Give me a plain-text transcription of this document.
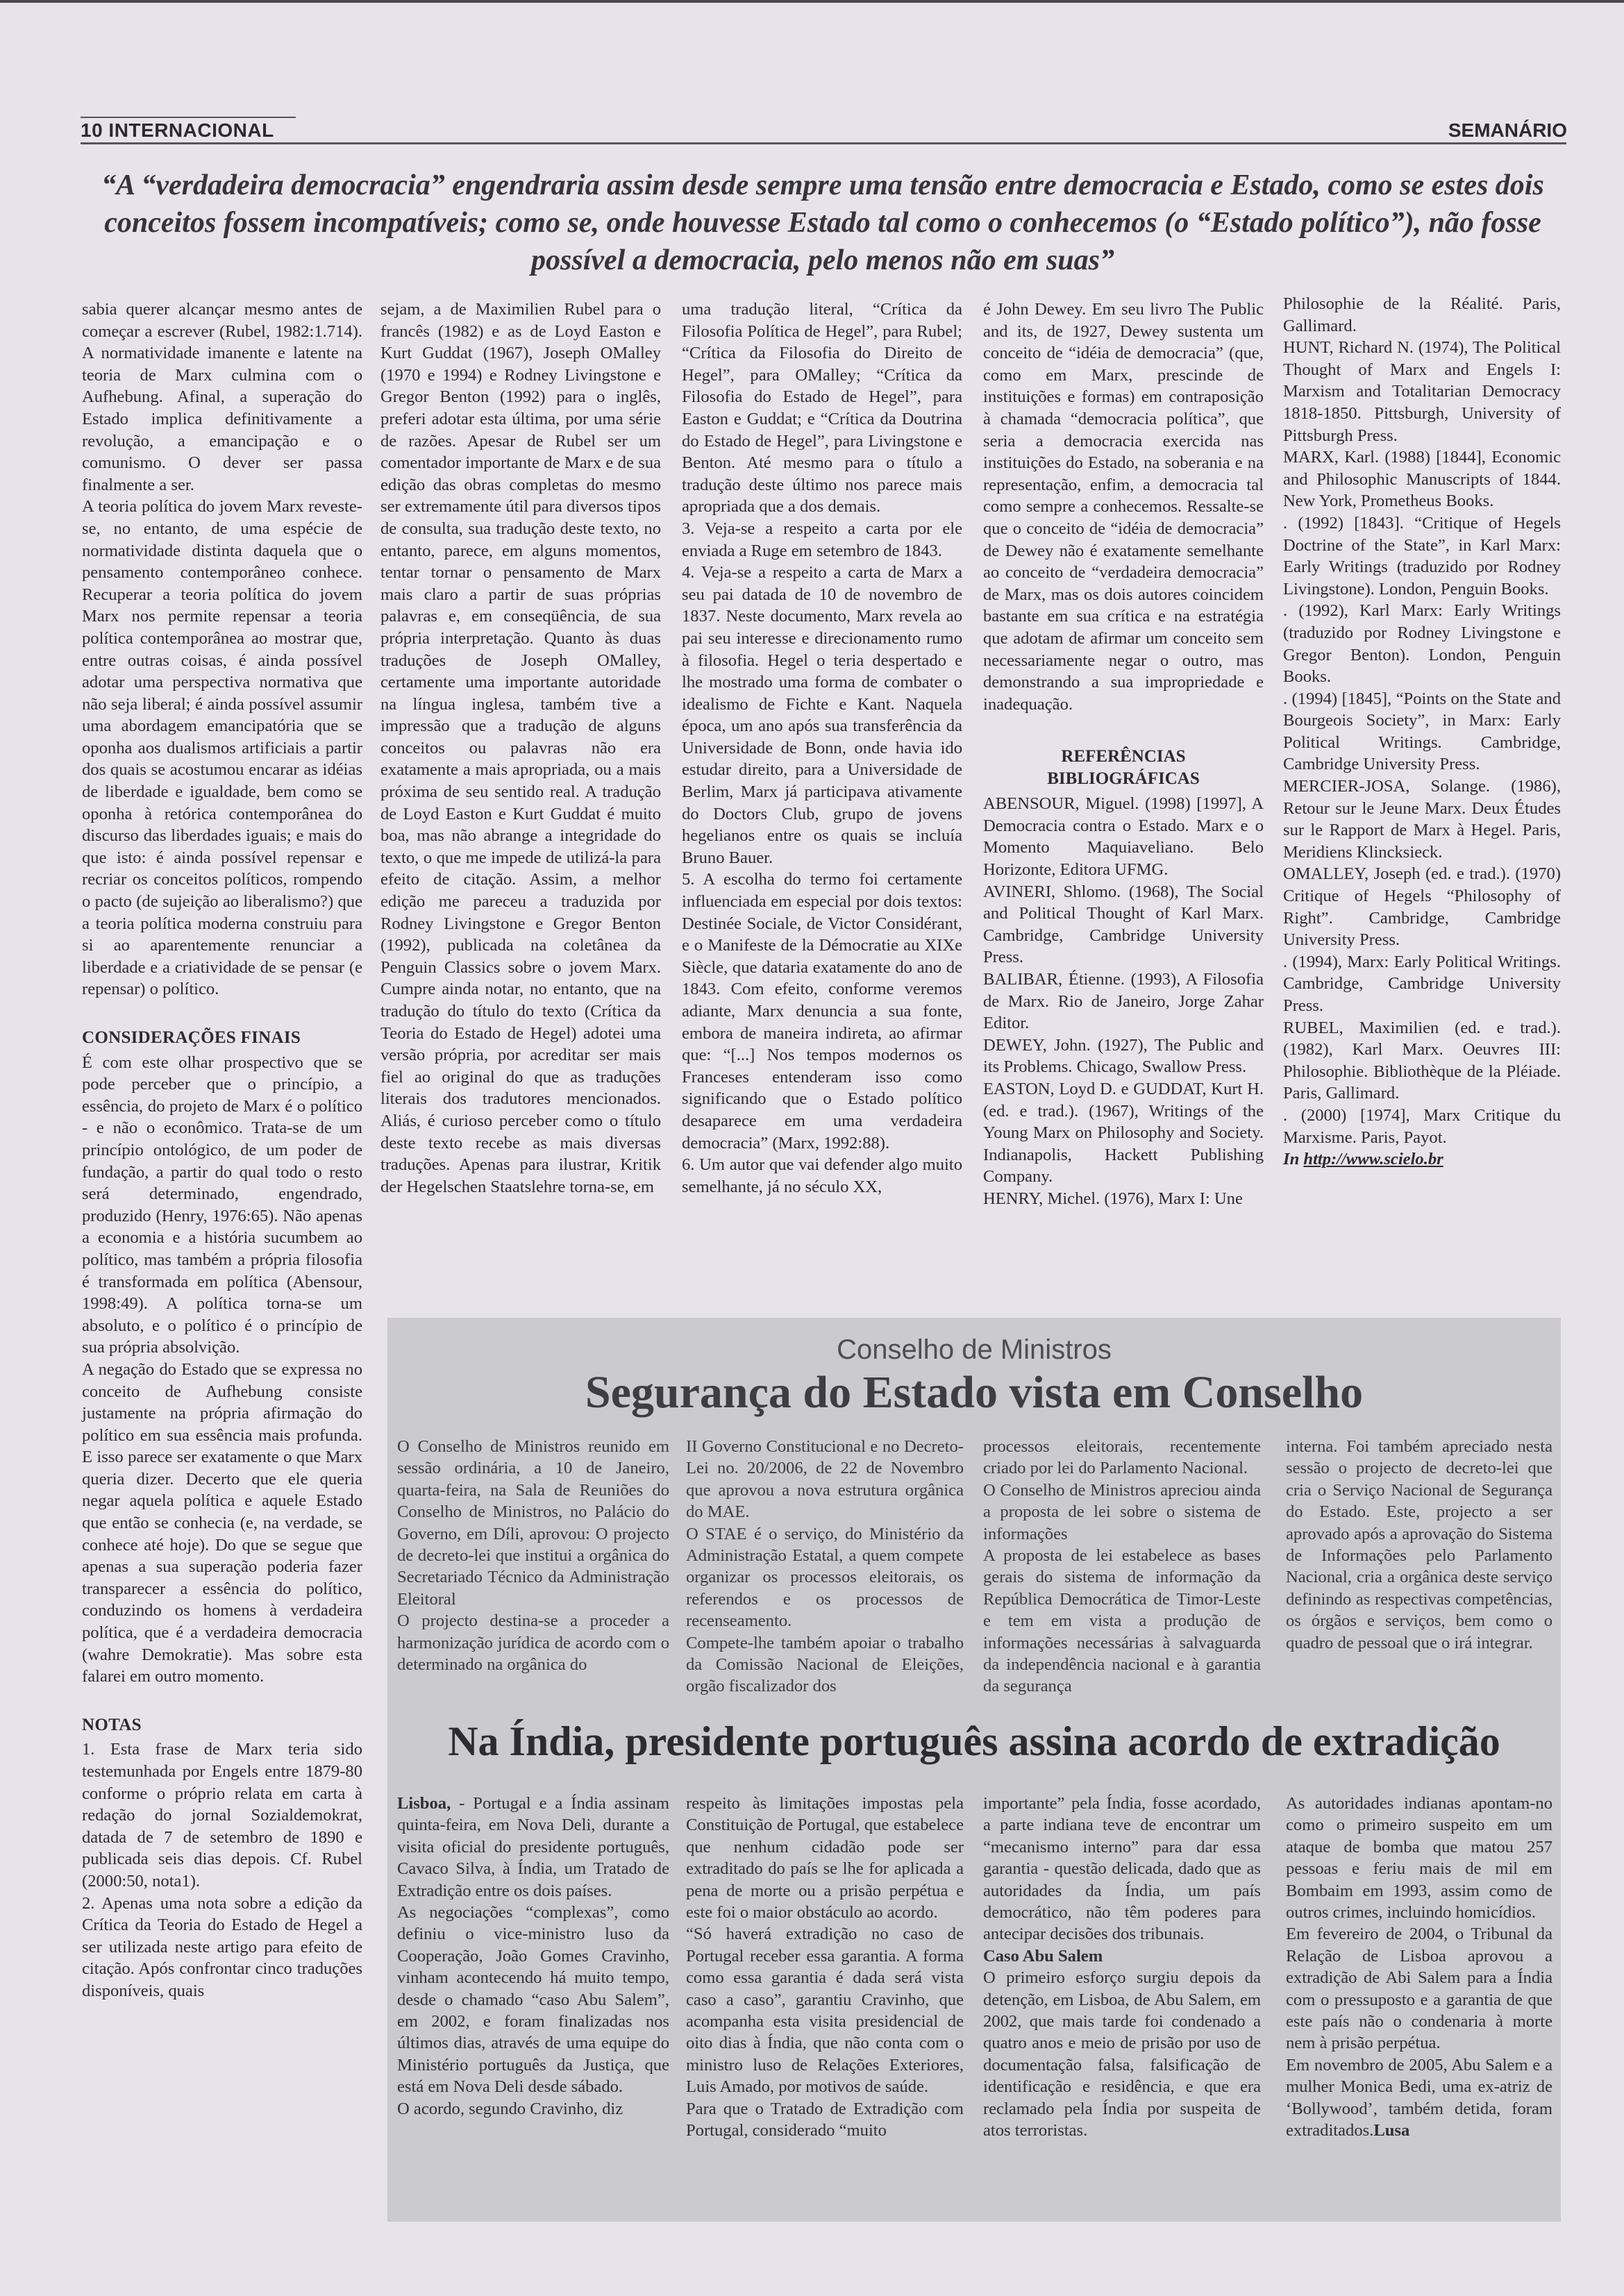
10 INTERNACIONAL	SEMANÁRIO
“A “verdadeira democracia” engendraria assim desde sempre uma tensão entre democracia e Estado, como se estes dois conceitos fossem incompatíveis; como se, onde houvesse Estado tal como o conhecemos (o “Estado político”), não fosse possível a democracia, pelo menos não em suas”

sabia querer alcançar mesmo antes de começar a escrever (Rubel, 1982:1.714). A normatividade imanente e latente na teoria de Marx culmina com o Aufhebung. Afinal, a superação do Estado implica definitivamente a revolução, a emancipação e o comunismo. O dever ser passa finalmente a ser.

A teoria política do jovem Marx reveste-se, no entanto, de uma espécie de normatividade distinta daquela que o pensamento contemporâneo conhece. Recuperar a teoria política do jovem Marx nos permite repensar a teoria política contemporânea ao mostrar que, entre outras coisas, é ainda possível adotar uma perspectiva normativa que não seja liberal; é ainda possível assumir uma abordagem emancipatória que se oponha aos dualismos artificiais a partir dos quais se acostumou encarar as idéias de liberdade e igualdade, bem como se oponha à retórica contemporânea do discurso das liberdades iguais; e mais do que isto: é ainda possível repensar e recriar os conceitos políticos, rompendo o pacto (de sujeição ao liberalismo?) que a teoria política moderna construiu para si ao aparentemente renunciar a liberdade e a criatividade de se pensar (e repensar) o político.

CONSIDERAÇÕES FINAIS

É com este olhar prospectivo que se pode perceber que o princípio, a essência, do projeto de Marx é o político - e não o econômico. Trata-se de um princípio ontológico, de um poder de fundação, a partir do qual todo o resto será determinado, engendrado, produzido (Henry, 1976:65). Não apenas a economia e a história sucumbem ao político, mas também a própria filosofia é transformada em política (Abensour, 1998:49). A política torna-se um absoluto, e o político é o princípio de sua própria absolvição.

A negação do Estado que se expressa no conceito de Aufhebung consiste justamente na própria afirmação do político em sua essência mais profunda. E isso parece ser exatamente o que Marx queria dizer. Decerto que ele queria negar aquela política e aquele Estado que então se conhecia (e, na verdade, se conhece até hoje). Do que se segue que apenas a sua superação poderia fazer transparecer a essência do político, conduzindo os homens à verdadeira política, que é a verdadeira democracia (wahre Demokratie). Mas sobre esta falarei em outro momento.

NOTAS

1. Esta frase de Marx teria sido testemunhada por Engels entre 1879-80 conforme o próprio relata em carta à redação do jornal Sozialdemokrat, datada de 7 de setembro de 1890 e publicada seis dias depois. Cf. Rubel (2000:50, nota1).

2. Apenas uma nota sobre a edição da Crítica da Teoria do Estado de Hegel a ser utilizada neste artigo para efeito de citação. Após confrontar cinco traduções disponíveis, quais

sejam, a de Maximilien Rubel para o francês (1982) e as de Loyd Easton e Kurt Guddat (1967), Joseph OMalley (1970 e 1994) e Rodney Livingstone e Gregor Benton (1992) para o inglês, preferi adotar esta última, por uma série de razões. Apesar de Rubel ser um comentador importante de Marx e de sua edição das obras completas do mesmo ser extremamente útil para diversos tipos de consulta, sua tradução deste texto, no entanto, parece, em alguns momentos, tentar tornar o pensamento de Marx mais claro a partir de suas próprias palavras e, em conseqüência, de sua própria interpretação. Quanto às duas traduções de Joseph OMalley, certamente uma importante autoridade na língua inglesa, também tive a impressão que a tradução de alguns conceitos ou palavras não era exatamente a mais apropriada, ou a mais próxima de seu sentido real. A tradução de Loyd Easton e Kurt Guddat é muito boa, mas não abrange a integridade do texto, o que me impede de utilizá-la para efeito de citação. Assim, a melhor edição me pareceu a traduzida por Rodney Livingstone e Gregor Benton (1992), publicada na coletânea da Penguin Classics sobre o jovem Marx. Cumpre ainda notar, no entanto, que na tradução do título do texto (Crítica da Teoria do Estado de Hegel) adotei uma versão própria, por acreditar ser mais fiel ao original do que as traduções literais dos tradutores mencionados. Aliás, é curioso perceber como o título deste texto recebe as mais diversas traduções. Apenas para ilustrar, Kritik der Hegelschen Staatslehre torna-se, em

uma tradução literal, “Crítica da Filosofia Política de Hegel”, para Rubel; “Crítica da Filosofia do Direito de Hegel”, para OMalley; “Crítica da Filosofia do Estado de Hegel”, para Easton e Guddat; e “Crítica da Doutrina do Estado de Hegel”, para Livingstone e Benton. Até mesmo para o título a tradução deste último nos parece mais apropriada que a dos demais.

3. Veja-se a respeito a carta por ele enviada a Ruge em setembro de 1843.

4. Veja-se a respeito a carta de Marx a seu pai datada de 10 de novembro de 1837. Neste documento, Marx revela ao pai seu interesse e direcionamento rumo à filosofia. Hegel o teria despertado e lhe mostrado uma forma de combater o idealismo de Fichte e Kant. Naquela época, um ano após sua transferência da Universidade de Bonn, onde havia ido estudar direito, para a Universidade de Berlim, Marx já participava ativamente do Doctors Club, grupo de jovens hegelianos entre os quais se incluía Bruno Bauer.

5. A escolha do termo foi certamente influenciada em especial por dois textos: Destinée Sociale, de Victor Considérant, e o Manifeste de la Démocratie au XIXe Siècle, que dataria exatamente do ano de 1843. Com efeito, conforme veremos adiante, Marx denuncia a sua fonte, embora de maneira indireta, ao afirmar que: “[...] Nos tempos modernos os Franceses entenderam isso como significando que o Estado político desaparece em uma verdadeira democracia” (Marx, 1992:88).

6. Um autor que vai defender algo muito semelhante, já no século XX,

é John Dewey. Em seu livro The Public and its, de 1927, Dewey sustenta um conceito de “idéia de democracia” (que, como em Marx, prescinde de instituições e formas) em contraposição à chamada “democracia política”, que seria a democracia exercida nas instituições do Estado, na soberania e na representação, enfim, a democracia tal como sempre a conhecemos. Ressalte-se que o conceito de “idéia de democracia” de Dewey não é exatamente semelhante ao conceito de “verdadeira democracia” de Marx, mas os dois autores coincidem bastante em sua crítica e na estratégia que adotam de afirmar um conceito sem necessariamente negar o outro, mas demonstrando a sua impropriedade e inadequação.

REFERÊNCIAS BIBLIOGRÁFICAS

ABENSOUR, Miguel. (1998) [1997], A Democracia contra o Estado. Marx e o Momento Maquiaveliano. Belo Horizonte, Editora UFMG.

AVINERI, Shlomo. (1968), The Social and Political Thought of Karl Marx. Cambridge, Cambridge University Press.

BALIBAR, Étienne. (1993), A Filosofia de Marx. Rio de Janeiro, Jorge Zahar Editor.

DEWEY, John. (1927), The Public and its Problems. Chicago, Swallow Press.

EASTON, Loyd D. e GUDDAT, Kurt H. (ed. e trad.). (1967), Writings of the Young Marx on Philosophy and Society. Indianapolis, Hackett Publishing Company.

HENRY, Michel. (1976), Marx I: Une

Philosophie de la Réalité. Paris, Gallimard.

HUNT, Richard N. (1974), The Political Thought of Marx and Engels I: Marxism and Totalitarian Democracy 1818-1850. Pittsburgh, University of Pittsburgh Press.

MARX, Karl. (1988) [1844], Economic and Philosophic Manuscripts of 1844. New York, Prometheus Books.

. (1992) [1843]. “Critique of Hegels Doctrine of the State”, in Karl Marx: Early Writings (traduzido por Rodney Livingstone). London, Penguin Books.

. (1992), Karl Marx: Early Writings (traduzido por Rodney Livingstone e Gregor Benton). London, Penguin Books.

. (1994) [1845], “Points on the State and Bourgeois Society”, in Marx: Early Political Writings. Cambridge, Cambridge University Press.

MERCIER-JOSA, Solange. (1986), Retour sur le Jeune Marx. Deux Études sur le Rapport de Marx à Hegel. Paris, Meridiens Klincksieck.

OMALLEY, Joseph (ed. e trad.). (1970) Critique of Hegels “Philosophy of Right”. Cambridge, Cambridge University Press.

. (1994), Marx: Early Political Writings. Cambridge, Cambridge University Press.

RUBEL, Maximilien (ed. e trad.). (1982), Karl Marx. Oeuvres III: Philosophie. Bibliothèque de la Pléiade. Paris, Gallimard.

. (2000) [1974], Marx Critique du Marxisme. Paris, Payot.

In http://www.scielo.br

Conselho de Ministros
Segurança do Estado vista em Conselho

O Conselho de Ministros reunido em sessão ordinária, a 10 de Janeiro, quarta-feira, na Sala de Reuniões do Conselho de Ministros, no Palácio do Governo, em Díli, aprovou: O projecto de decreto-lei que institui a orgânica do Secretariado Técnico da Administração Eleitoral

O projecto destina-se a proceder a harmonização jurídica de acordo com o determinado na orgânica do

II Governo Constitucional e no Decreto-Lei no. 20/2006, de 22 de Novembro que aprovou a nova estrutura orgânica do MAE.

O STAE é o serviço, do Ministério da Administração Estatal, a quem compete organizar os processos eleitorais, os referendos e os processos de recenseamento.

Compete-lhe também apoiar o trabalho da Comissão Nacional de Eleições, orgão fiscalizador dos

processos eleitorais, recentemente criado por lei do Parlamento Nacional.

O Conselho de Ministros apreciou ainda a proposta de lei sobre o sistema de informações

A proposta de lei estabelece as bases gerais do sistema de informação da República Democrática de Timor-Leste e tem em vista a produção de informações necessárias à salvaguarda da independência nacional e à garantia da segurança

interna. Foi também apreciado nesta sessão o projecto de decreto-lei que cria o Serviço Nacional de Segurança do Estado. Este, projecto a ser aprovado após a aprovação do Sistema de Informações pelo Parlamento Nacional, cria a orgânica deste serviço definindo as respectivas competências, os órgãos e serviços, bem como o quadro de pessoal que o irá integrar.

Na Índia, presidente português assina acordo de extradição

Lisboa, - Portugal e a Índia assinam quinta-feira, em Nova Deli, durante a visita oficial do presidente português, Cavaco Silva, à Índia, um Tratado de Extradição entre os dois países.

As negociações “complexas”, como definiu o vice-ministro luso da Cooperação, João Gomes Cravinho, vinham acontecendo há muito tempo, desde o chamado “caso Abu Salem”, em 2002, e foram finalizadas nos últimos dias, através de uma equipe do Ministério português da Justiça, que está em Nova Deli desde sábado.

O acordo, segundo Cravinho, diz

respeito às limitações impostas pela Constituição de Portugal, que estabelece que nenhum cidadão pode ser extraditado do país se lhe for aplicada a pena de morte ou a prisão perpétua e este foi o maior obstáculo ao acordo.

“Só haverá extradição no caso de Portugal receber essa garantia. A forma como essa garantia é dada será vista caso a caso”, garantiu Cravinho, que acompanha esta visita presidencial de oito dias à Índia, que não conta com o ministro luso de Relações Exteriores, Luis Amado, por motivos de saúde.

Para que o Tratado de Extradição com Portugal, considerado “muito

importante” pela Índia, fosse acordado, a parte indiana teve de encontrar um “mecanismo interno” para dar essa garantia - questão delicada, dado que as autoridades da Índia, um país democrático, não têm poderes para antecipar decisões dos tribunais.

Caso Abu Salem

O primeiro esforço surgiu depois da detenção, em Lisboa, de Abu Salem, em 2002, que mais tarde foi condenado a quatro anos e meio de prisão por uso de documentação falsa, falsificação de identificação e residência, e que era reclamado pela Índia por suspeita de atos terroristas.

As autoridades indianas apontam-no como o primeiro suspeito em um ataque de bomba que matou 257 pessoas e feriu mais de mil em Bombaim em 1993, assim como de outros crimes, incluindo homicídios.

Em fevereiro de 2004, o Tribunal da Relação de Lisboa aprovou a extradição de Abi Salem para a Índia com o pressuposto e a garantia de que este país não o condenaria à morte nem à prisão perpétua.

Em novembro de 2005, Abu Salem e a mulher Monica Bedi, uma ex-atriz de ‘Bollywood’, também detida, foram extraditados.Lusa
